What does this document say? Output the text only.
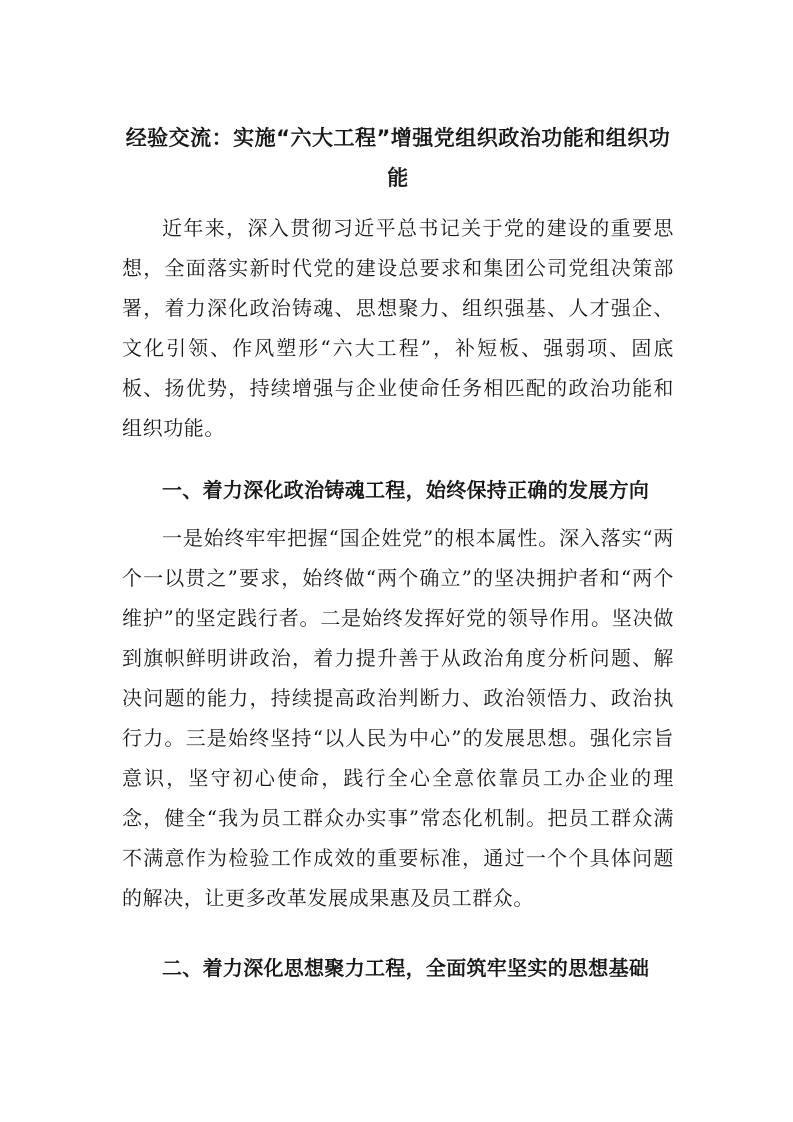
经验交流：实施“六大工程”增强党组织政治功能和组织功能

近年来，深入贯彻习近平总书记关于党的建设的重要思想，全面落实新时代党的建设总要求和集团公司党组决策部署，着力深化政治铸魂、思想聚力、组织强基、人才强企、文化引领、作风塑形“六大工程”，补短板、强弱项、固底板、扬优势，持续增强与企业使命任务相匹配的政治功能和组织功能。

一、着力深化政治铸魂工程，始终保持正确的发展方向

一是始终牢牢把握“国企姓党”的根本属性。深入落实“两个一以贯之”要求，始终做“两个确立”的坚决拥护者和“两个维护”的坚定践行者。二是始终发挥好党的领导作用。坚决做到旗帜鲜明讲政治，着力提升善于从政治角度分析问题、解决问题的能力，持续提高政治判断力、政治领悟力、政治执行力。三是始终坚持“以人民为中心”的发展思想。强化宗旨意识，坚守初心使命，践行全心全意依靠员工办企业的理念，健全“我为员工群众办实事”常态化机制。把员工群众满不满意作为检验工作成效的重要标准，通过一个个具体问题的解决，让更多改革发展成果惠及员工群众。

二、着力深化思想聚力工程，全面筑牢坚实的思想基础
